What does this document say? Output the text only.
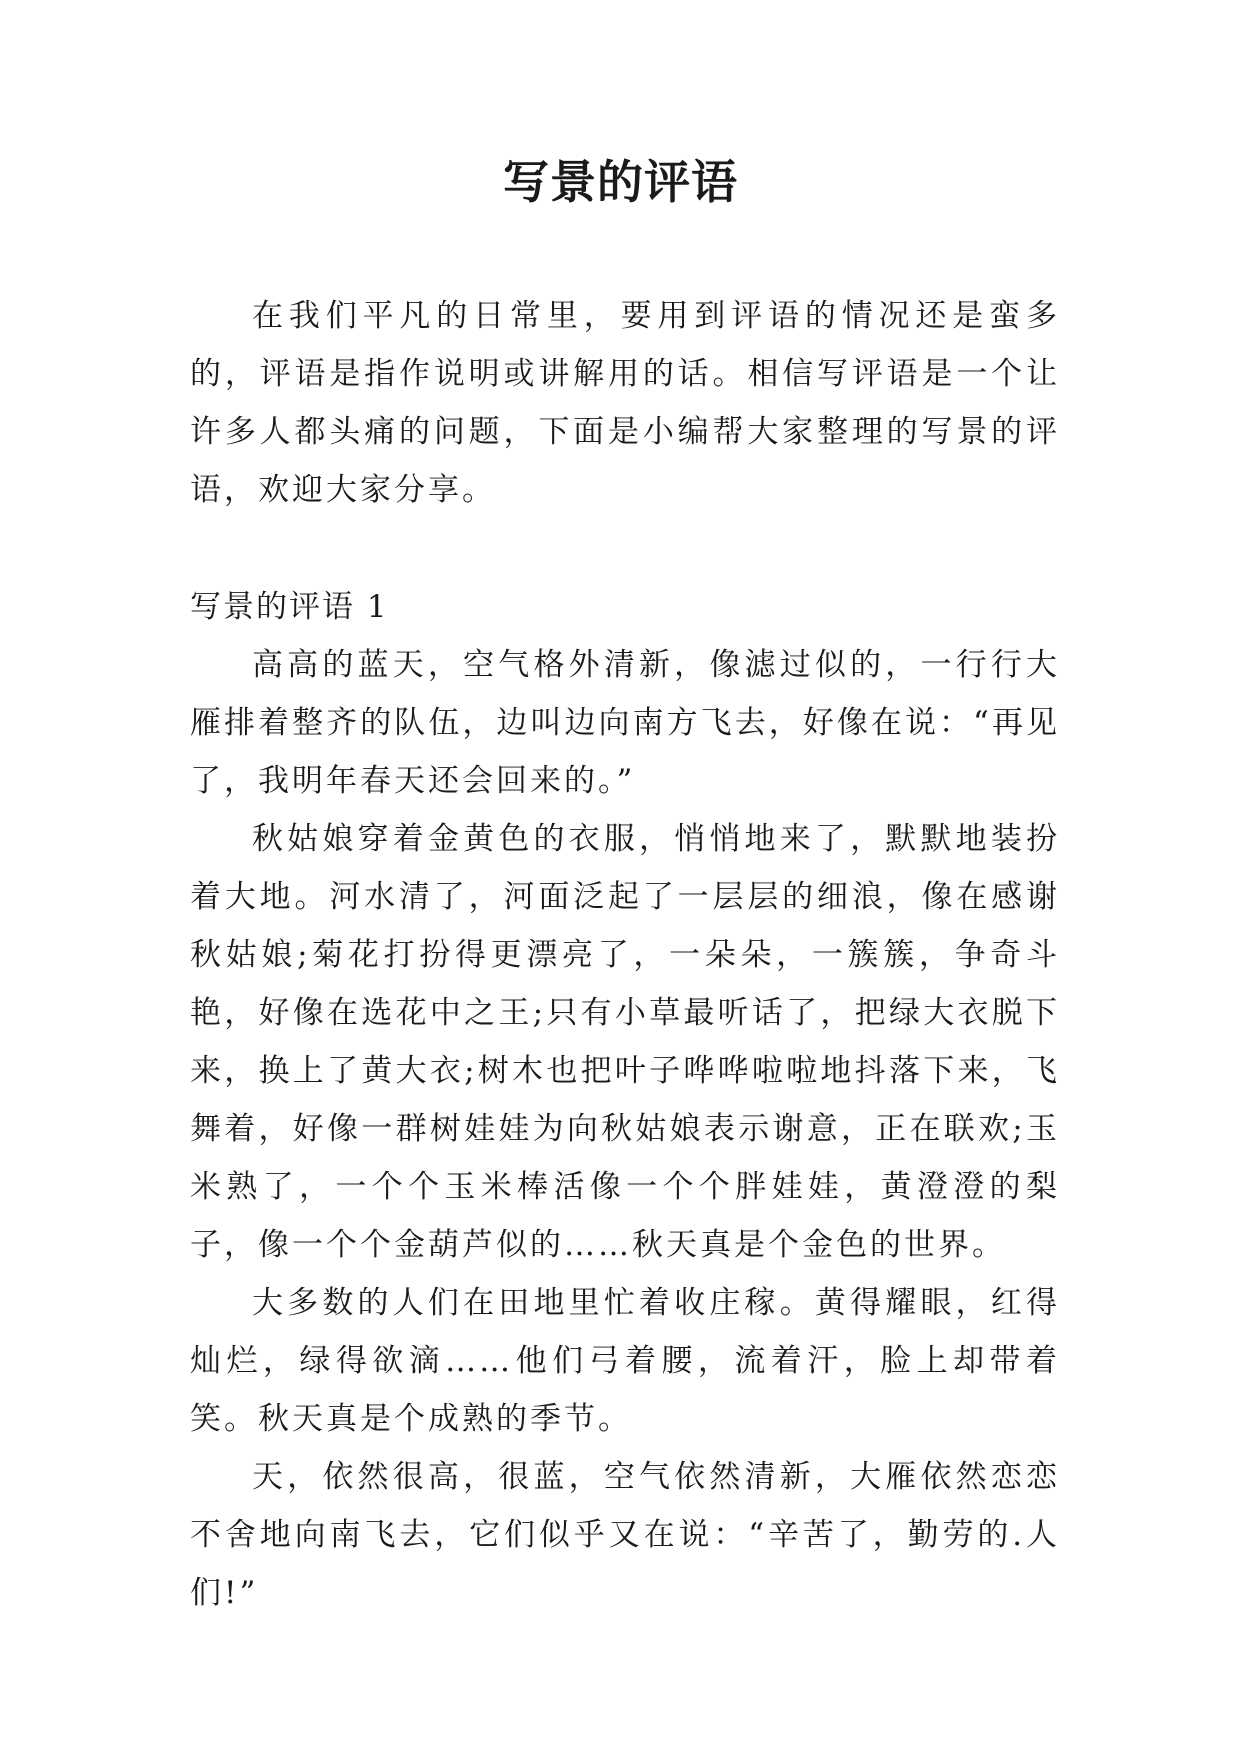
写景的评语

在我们平凡的日常里，要用到评语的情况还是蛮多的，评语是指作说明或讲解用的话。相信写评语是一个让许多人都头痛的问题，下面是小编帮大家整理的写景的评语，欢迎大家分享。

写景的评语 1

高高的蓝天，空气格外清新，像滤过似的，一行行大雁排着整齐的队伍，边叫边向南方飞去，好像在说：“再见了，我明年春天还会回来的。”

秋姑娘穿着金黄色的衣服，悄悄地来了，默默地装扮着大地。河水清了，河面泛起了一层层的细浪，像在感谢秋姑娘;菊花打扮得更漂亮了，一朵朵，一簇簇，争奇斗艳，好像在选花中之王;只有小草最听话了，把绿大衣脱下来，换上了黄大衣;树木也把叶子哗哗啦啦地抖落下来，飞舞着，好像一群树娃娃为向秋姑娘表示谢意，正在联欢;玉米熟了，一个个玉米棒活像一个个胖娃娃，黄澄澄的梨子，像一个个金葫芦似的……秋天真是个金色的世界。

大多数的人们在田地里忙着收庄稼。黄得耀眼，红得灿烂，绿得欲滴……他们弓着腰，流着汗，脸上却带着笑。秋天真是个成熟的季节。

天，依然很高，很蓝，空气依然清新，大雁依然恋恋不舍地向南飞去，它们似乎又在说：“辛苦了，勤劳的.人们!”
